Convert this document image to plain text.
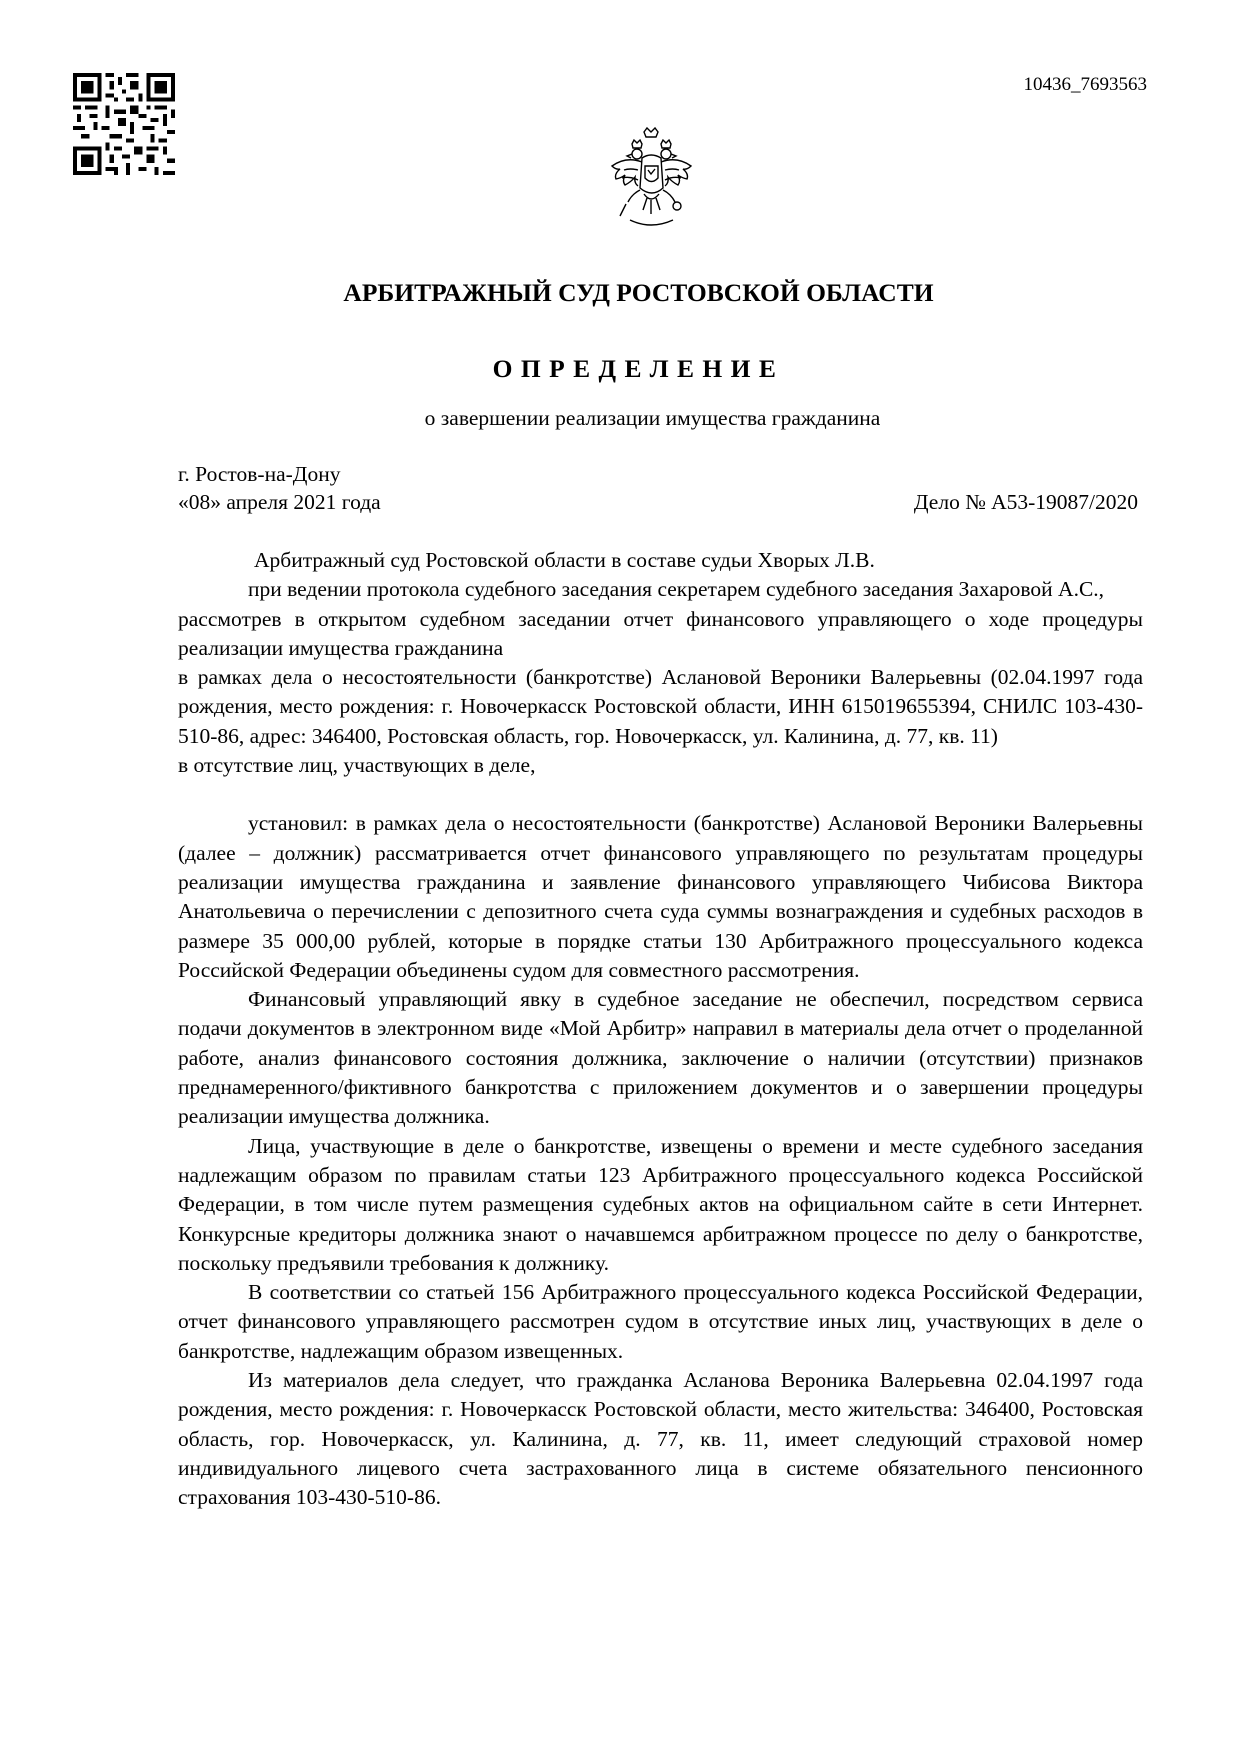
10436_7693563
АРБИТРАЖНЫЙ СУД РОСТОВСКОЙ ОБЛАСТИ
ОПРЕДЕЛЕНИЕ
о завершении реализации имущества гражданина
г. Ростов-на-Дону
«08» апреля 2021 года	Дело № А53-19087/2020

Арбитражный суд Ростовской области в составе судьи Хворых Л.В.

при ведении протокола судебного заседания секретарем судебного заседания Захаровой А.С.,

рассмотрев в открытом судебном заседании отчет финансового управляющего о ходе процедуры реализации имущества гражданина

в рамках дела о несостоятельности (банкротстве) Аслановой Вероники Валерьевны (02.04.1997 года рождения, место рождения: г. Новочеркасск Ростовской области, ИНН 615019655394, СНИЛС 103-430-510-86, адрес: 346400, Ростовская область, гор. Новочеркасск, ул. Калинина, д. 77, кв. 11)

в отсутствие лиц, участвующих в деле,

установил: в рамках дела о несостоятельности (банкротстве) Аслановой Вероники Валерьевны (далее – должник) рассматривается отчет финансового управляющего по результатам процедуры реализации имущества гражданина и заявление финансового управляющего Чибисова Виктора Анатольевича о перечислении с депозитного счета суда суммы вознаграждения и судебных расходов в размере 35 000,00 рублей, которые в порядке статьи 130 Арбитражного процессуального кодекса Российской Федерации объединены судом для совместного рассмотрения.

Финансовый управляющий явку в судебное заседание не обеспечил, посредством сервиса подачи документов в электронном виде «Мой Арбитр» направил в материалы дела отчет о проделанной работе, анализ финансового состояния должника, заключение о наличии (отсутствии) признаков преднамеренного/фиктивного банкротства с приложением документов и о завершении процедуры реализации имущества должника.

Лица, участвующие в деле о банкротстве, извещены о времени и месте судебного заседания надлежащим образом по правилам статьи 123 Арбитражного процессуального кодекса Российской Федерации, в том числе путем размещения судебных актов на официальном сайте в сети Интернет. Конкурсные кредиторы должника знают о начавшемся арбитражном процессе по делу о банкротстве, поскольку предъявили требования к должнику.

В соответствии со статьей 156 Арбитражного процессуального кодекса Российской Федерации, отчет финансового управляющего рассмотрен судом в отсутствие иных лиц, участвующих в деле о банкротстве, надлежащим образом извещенных.

Из материалов дела следует, что гражданка Асланова Вероника Валерьевна 02.04.1997 года рождения, место рождения: г. Новочеркасск Ростовской области, место жительства: 346400, Ростовская область, гор. Новочеркасск, ул. Калинина, д. 77, кв. 11, имеет следующий страховой номер индивидуального лицевого счета застрахованного лица в системе обязательного пенсионного страхования 103-430-510-86.
